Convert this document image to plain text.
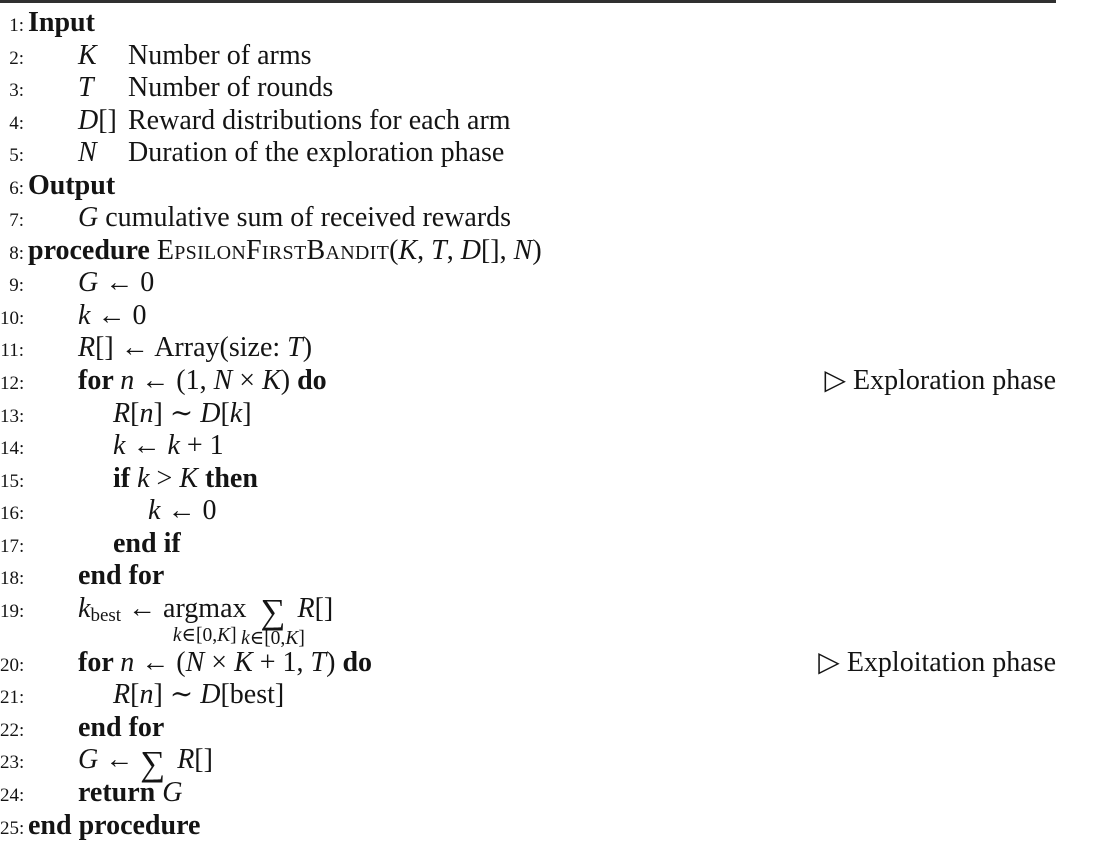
1: Input
2: K Number of arms
3: T Number of rounds
4: D[] Reward distributions for each arm
5: N Duration of the exploration phase
6: Output
7: G cumulative sum of received rewards
8: procedure EpsilonFirstBandit(K, T, D[], N)
9: G ← 0
10: k ← 0
11: R[] ← Array(size: T)
12: for n ← (1, N × K) do	▷ Exploration phase
13:	R[n] ∼ D[k]
14:	k ← k + 1
15:	if k > K then
16:	k ← 0
17:	end if
18: end for
19: kbest ← argmax
k∈[0,K]
∑
k∈[0,K]
R[]
20: for n ← (N × K + 1, T) do	▷ Exploitation phase
21:	R[n] ∼ D[best]
22: end for
23: G ← ∑ R[]
24: return G
25: end procedure
